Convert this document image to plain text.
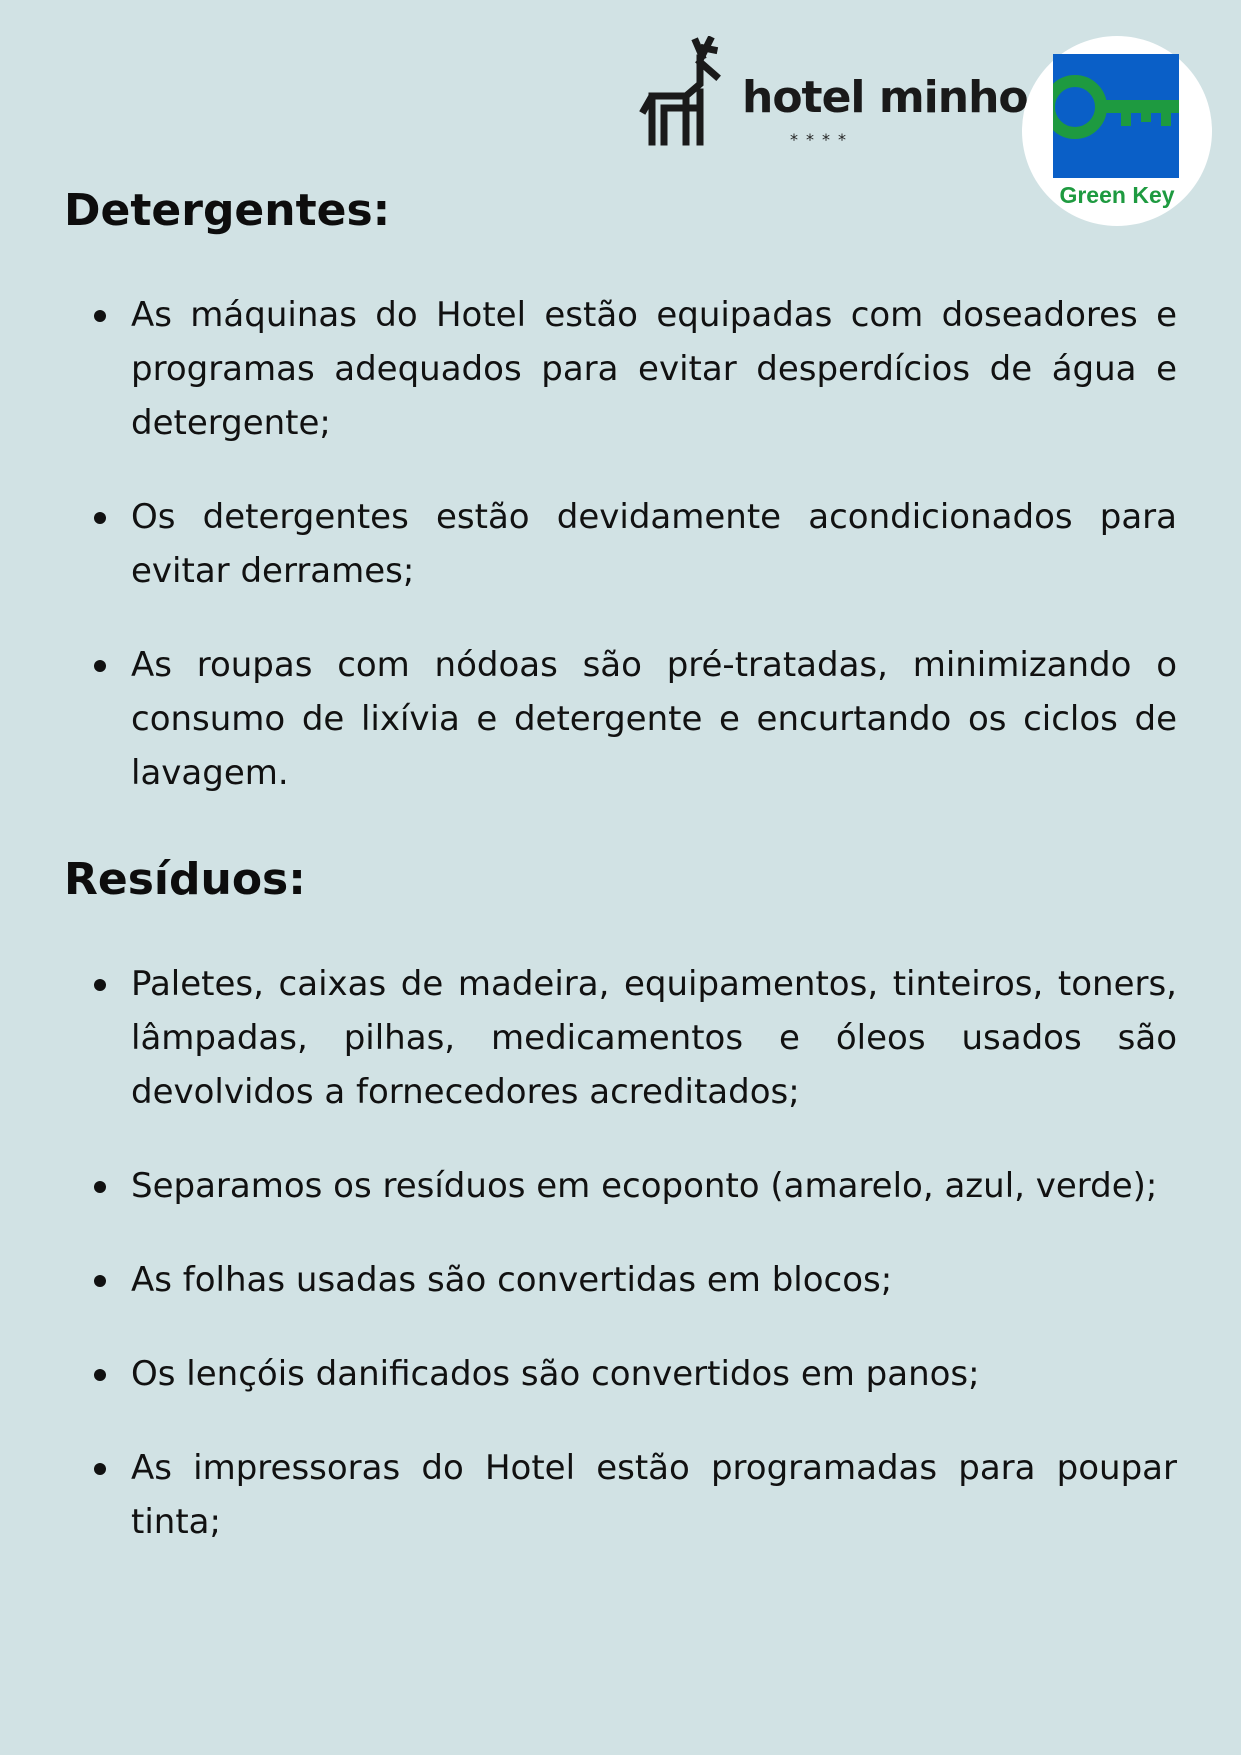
hotel minho
****
Green Key
Detergentes:
As máquinas do Hotel estão equipadas com doseadores e programas adequados para evitar desperdícios de água e detergente;
Os detergentes estão devidamente acondicionados para evitar derrames;
As roupas com nódoas são pré-tratadas, minimizando o consumo de lixívia e detergente e encurtando os ciclos de lavagem.
Resíduos:
Paletes, caixas de madeira, equipamentos, tinteiros, toners, lâmpadas, pilhas, medicamentos e óleos usados são devolvidos a fornecedores acreditados;
Separamos os resíduos em ecoponto (amarelo, azul, verde);
As folhas usadas são convertidas em blocos;
Os lençóis danificados são convertidos em panos;
As impressoras do Hotel estão programadas para poupar tinta;
